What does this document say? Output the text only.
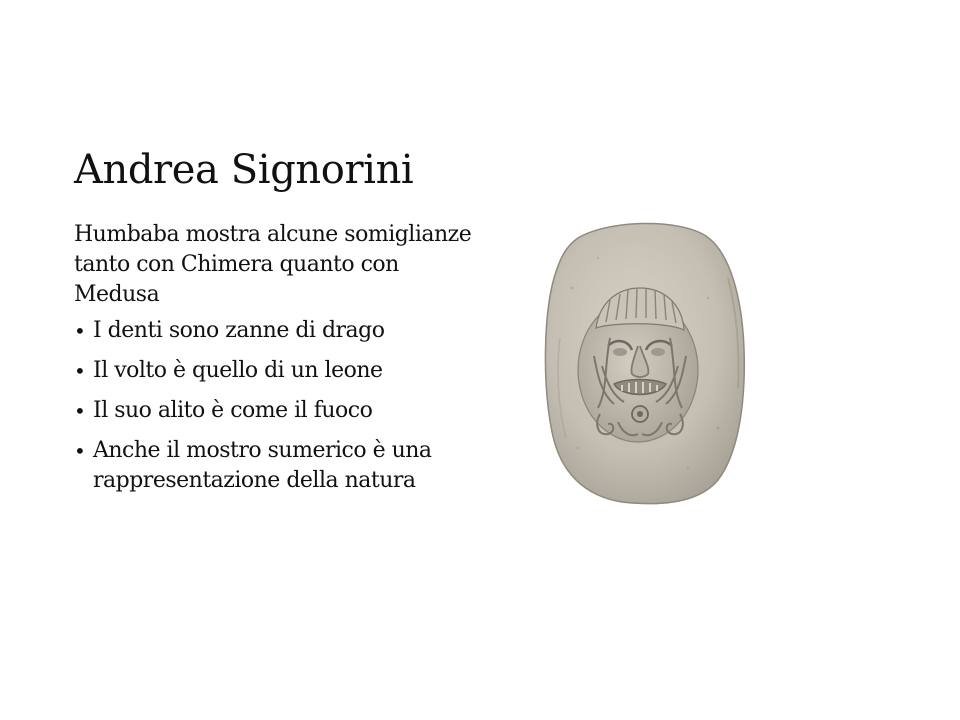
Andrea Signorini

Humbaba mostra alcune somiglianze tanto con Chimera quanto con Medusa

• I denti sono zanne di drago
• Il volto è quello di un leone
• Il suo alito è come il fuoco
• Anche il mostro sumerico è una rappresentazione della natura
